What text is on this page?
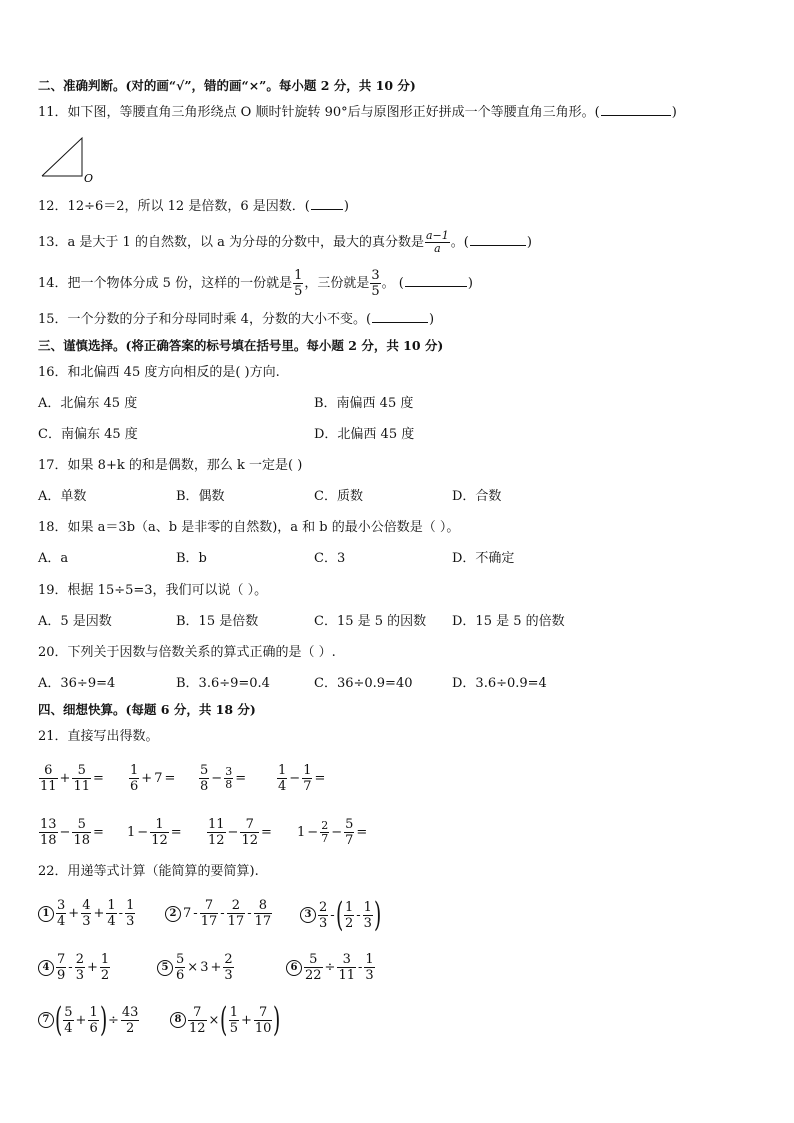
二、准确判断。(对的画“√”，错的画“×”。每小题 2 分，共 10 分)
11．如下图，等腰直角三角形绕点 O 顺时针旋转 90°后与原图形正好拼成一个等腰直角三角形。(	)
O
12．12÷6＝2，所以 12 是倍数，6 是因数．(	)
13．a 是大于 1 的自然数，以 a 为分母的分数中，最大的真分数是 $\frac{a-1}{a}$ 。(	)
14．把一个物体分成 5 份，这样的一份就是 $\frac{1}{5}$ ，三份就是 $\frac{3}{5}$ 。 (	)
15．一个分数的分子和分母同时乘 4，分数的大小不变。(	)
三、谨慎选择。(将正确答案的标号填在括号里。每小题 2 分，共 10 分)
16．和北偏西 45 度方向相反的是( )方向.
A．北偏东 45 度	B．南偏西 45 度
C．南偏东 45 度	D．北偏西 45 度
17．如果 8+k 的和是偶数，那么 k 一定是( )
A．单数	B．偶数	C．质数	D．合数
18．如果 a＝3b（a、b 是非零的自然数)，a 和 b 的最小公倍数是（ ）。
A．a	B．b	C．3	D．不确定
19．根据 15÷5=3，我们可以说（ ）。
A．5 是因数	B．15 是倍数	C．15 是 5 的因数 D．15 是 5 的倍数
20．下列关于因数与倍数关系的算式正确的是（ ）.
A．36÷9=4	B．3.6÷9=0.4	C．36÷0.9=40	D．3.6÷0.9=4
四、细想快算。(每题 6 分，共 18 分)
21．直接写出得数。
$\frac{6}{11} + \frac{5}{11} = \frac{1}{6} + 7 = \frac{5}{8} - \frac{3}{8} = \frac{1}{4} - \frac{1}{7}$ =
$\frac{13}{18} - \frac{5}{18} = 1 - \frac{1}{12} = \frac{11}{12} - \frac{7}{12} = 1 - \frac{2}{7} - \frac{5}{7}$ =
22．用递等式计算（能简算的要简算).
$1 \frac{3}{4} + \frac{4}{3} + \frac{1}{4} - \frac{1}{3}$	2 $7 - \frac{7}{17} - \frac{2}{17} - \frac{8}{17}$	$3 \frac{2}{3}$ -( $\frac{1}{2} - \frac{1}{3}$ )
$4 \frac{7}{9} - \frac{2}{3} + \frac{1}{2}$	$5 \frac{5}{6} \times 3 + \frac{2}{3}$	$6 \frac{5}{22} \div \frac{3}{11} - \frac{1}{3}$
7 ( $\frac{5}{4} + \frac{1}{6}$ )÷ $\frac{43}{2}$	$8 \frac{7}{12}$ ×( $\frac{1}{5} + \frac{7}{10}$ )
